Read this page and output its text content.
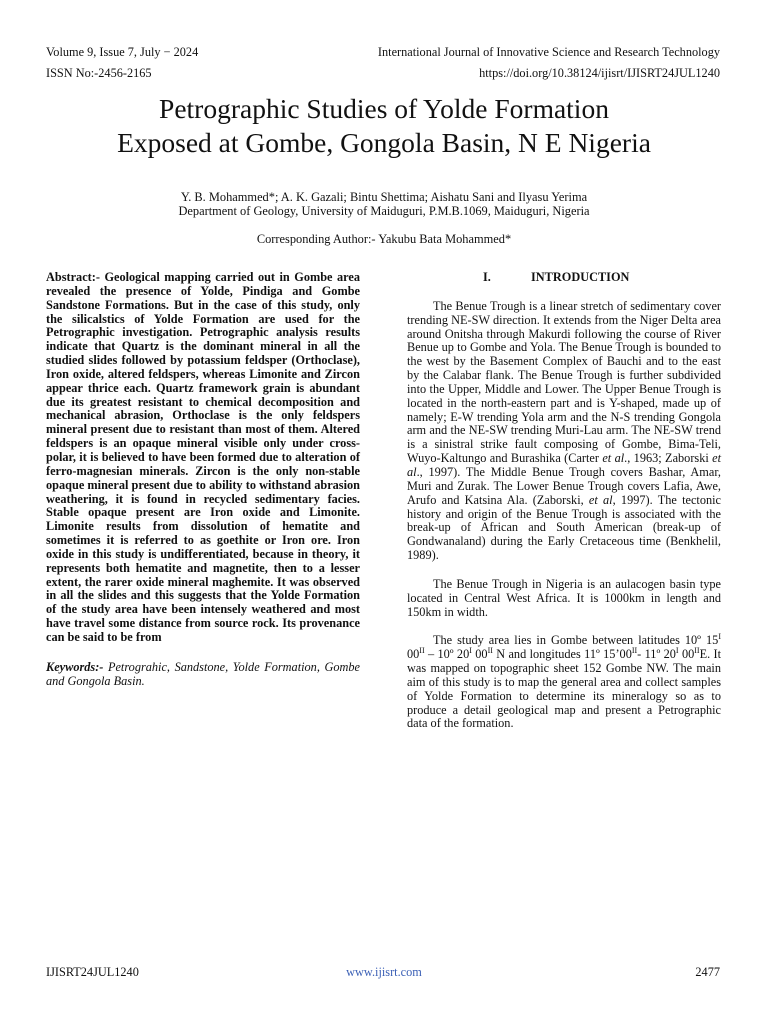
Volume 9, Issue 7, July − 2024	International Journal of Innovative Science and Research Technology
ISSN No:-2456-2165	https://doi.org/10.38124/ijisrt/IJISRT24JUL1240
Petrographic Studies of Yolde Formation
Exposed at Gombe, Gongola Basin, N E Nigeria
Y. B. Mohammed*; A. K. Gazali; Bintu Shettima; Aishatu Sani and Ilyasu Yerima
Department of Geology, University of Maiduguri, P.M.B.1069, Maiduguri, Nigeria
Corresponding Author:- Yakubu Bata Mohammed*

Abstract:- Geological mapping carried out in Gombe area revealed the presence of Yolde, Pindiga and Gombe Sandstone Formations. But in the case of this study, only the silicalstics of Yolde Formation are used for the Petrographic investigation. Petrographic analysis results indicate that Quartz is the dominant mineral in all the studied slides followed by potassium feldsper (Orthoclase), Iron oxide, altered feldspers, whereas Limonite and Zircon appear thrice each. Quartz framework grain is abundant due its greatest resistant to chemical decomposition and mechanical abrasion, Orthoclase is the only feldspers mineral present due to resistant than most of them. Altered feldspers is an opaque mineral visible only under cross-polar, it is believed to have been formed due to alteration of ferro-magnesian minerals. Zircon is the only non-stable opaque mineral present due to ability to withstand abrasion weathering, it is found in recycled sedimentary facies. Stable opaque present are Iron oxide and Limonite. Limonite results from dissolution of hematite and sometimes it is referred to as goethite or Iron ore. Iron oxide in this study is undifferentiated, because in theory, it represents both hematite and magnetite, then to a lesser extent, the rarer oxide mineral maghemite. It was observed in all the slides and this suggests that the Yolde Formation of the study area have been intensely weathered and most have travel some distance from source rock. Its provenance can be said to be from

Keywords:- Petrograhic, Sandstone, Yolde Formation, Gombe and Gongola Basin.

I.	INTRODUCTION

The Benue Trough is a linear stretch of sedimentary cover trending NE-SW direction. It extends from the Niger Delta area around Onitsha through Makurdi following the course of River Benue up to Gombe and Yola. The Benue Trough is bounded to the west by the Basement Complex of Bauchi and to the east by the Calabar flank. The Benue Trough is further subdivided into the Upper, Middle and Lower. The Upper Benue Trough is located in the north-eastern part and is Y-shaped, made up of namely; E-W trending Yola arm and the N-S trending Gongola arm and the NE-SW trending Muri-Lau arm. The NE-SW trend is a sinistral strike fault composing of Gombe, Bima-Teli, Wuyo-Kaltungo and Burashika (Carter et al., 1963; Zaborski et al., 1997). The Middle Benue Trough covers Bashar, Amar, Muri and Zurak. The Lower Benue Trough covers Lafia, Awe, Arufo and Katsina Ala. (Zaborski, et al, 1997). The tectonic history and origin of the Benue Trough is associated with the break-up of African and South American (break-up of Gondwanaland) during the Early Cretaceous time (Benkhelil, 1989).

The Benue Trough in Nigeria is an aulacogen basin type located in Central West Africa. It is 1000km in length and 150km in width.

The study area lies in Gombe between latitudes 10º $15^I$ $00^{II}$ – 10º $20^I$ $00^{II}$ N and longitudes 11º $15’00^{II}-$ 11º $20^I$ $00^{II}E$. It was mapped on topographic sheet 152 Gombe NW. The main aim of this study is to map the general area and collect samples of Yolde Formation to determine its mineralogy so as to produce a detail geological map and present a Petrographic data of the formation.

IJISRT24JUL1240	www.ijisrt.com	2477
